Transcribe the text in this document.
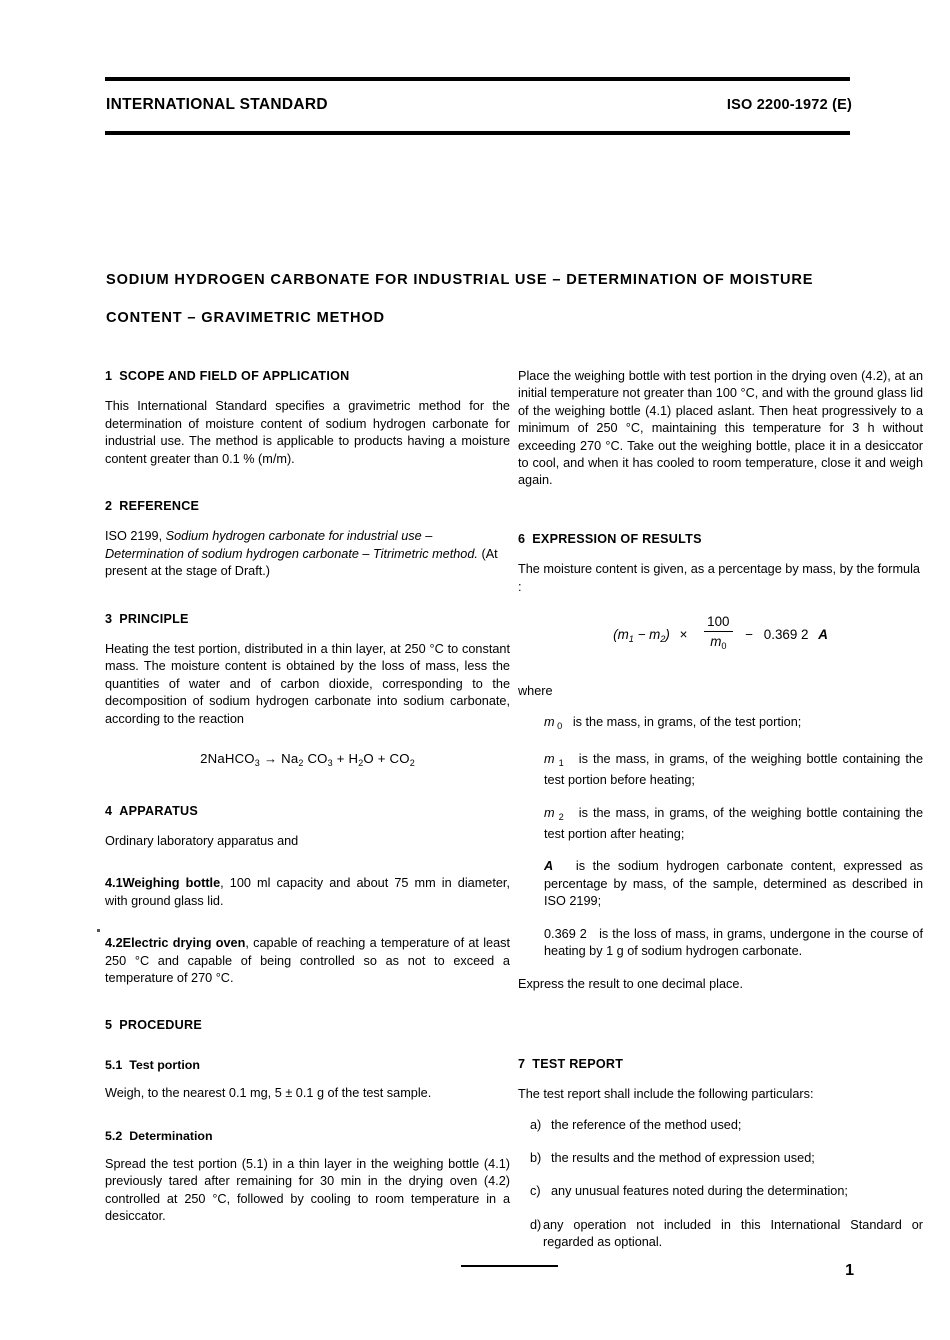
INTERNATIONAL STANDARD	ISO 2200-1972 (E)
SODIUM HYDROGEN CARBONATE FOR INDUSTRIAL USE – DETERMINATION OF MOISTURE
CONTENT – GRAVIMETRIC METHOD
1 SCOPE AND FIELD OF APPLICATION

This International Standard specifies a gravimetric method for the determination of moisture content of sodium hydrogen carbonate for industrial use. The method is applicable to products having a moisture content greater than 0.1 % (m/m).

2 REFERENCE

ISO 2199, Sodium hydrogen carbonate for industrial use – Determination of sodium hydrogen carbonate – Titrimetric method. (At present at the stage of Draft.)

3 PRINCIPLE

Heating the test portion, distributed in a thin layer, at 250 °C to constant mass. The moisture content is obtained by the loss of mass, less the quantities of water and of carbon dioxide, corresponding to the decomposition of sodium hydrogen carbonate into sodium carbonate, according to the reaction

2NaHCO$_3$ → $Na_2$ $CO_3 + H_2O + CO_2$
4 APPARATUS

Ordinary laboratory apparatus and

4.1Weighing bottle, 100 ml capacity and about 75 mm in diameter, with ground glass lid.

4.2Electric drying oven, capable of reaching a temperature of at least 250 °C and capable of being controlled so as not to exceed a temperature of 270 °C.

5 PROCEDURE
5.1 Test portion

Weigh, to the nearest 0.1 mg, 5 ± 0.1 g of the test sample.

5.2 Determination

Spread the test portion (5.1) in a thin layer in the weighing bottle (4.1) previously tared after remaining for 30 min in the drying oven (4.2) controlled at 250 °C, followed by cooling to room temperature in a desiccator.

Place the weighing bottle with test portion in the drying oven (4.2), at an initial temperature not greater than 100 °C, and with the ground glass lid of the weighing bottle (4.1) placed aslant. Then heat progressively to a minimum of 250 °C, maintaining this temperature for 3 h without exceeding 270 °C. Take out the weighing bottle, place it in a desiccator to cool, and when it has cooled to room temperature, close it and weigh again.

6 EXPRESSION OF RESULTS

The moisture content is given, as a percentage by mass, by the formula :

$(m_1 - m_2) \times \frac{100}{m_0} - 0.369$ 2 A

where

m $_0$ is the mass, in grams, of the test portion;

m $_1$ is the mass, in grams, of the weighing bottle containing the test portion before heating;

m $_2$ is the mass, in grams, of the weighing bottle containing the test portion after heating;

A is the sodium hydrogen carbonate content, expressed as percentage by mass, of the sample, determined as described in ISO 2199;

0.369 2 is the loss of mass, in grams, undergone in the course of heating by 1 g of sodium hydrogen carbonate.

Express the result to one decimal place.

7 TEST REPORT

The test report shall include the following particulars:

a) the reference of the method used;

b) the results and the method of expression used;

c) any unusual features noted during the determination;

d) any operation not included in this International Standard or regarded as optional.

1
